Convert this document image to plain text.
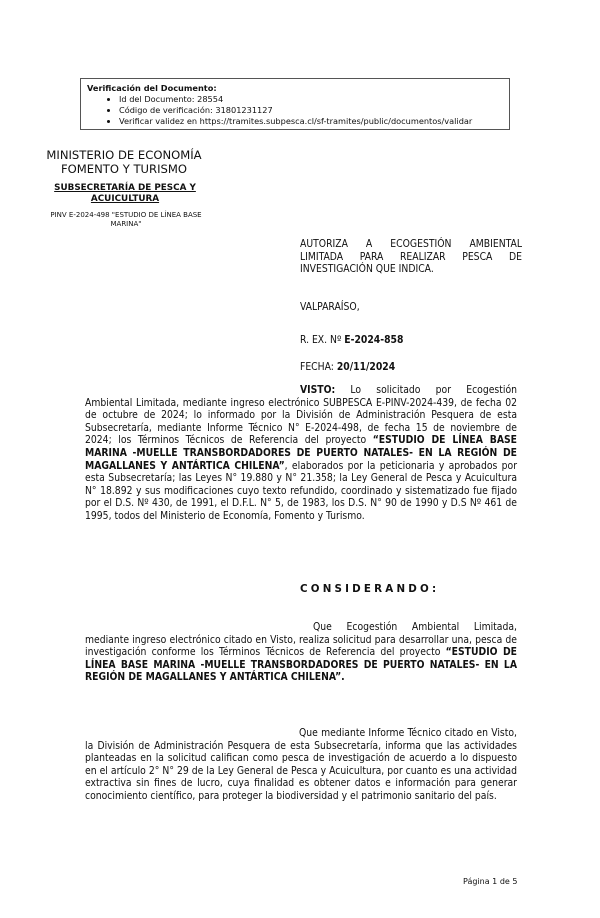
Verificación del Documento:
• Id del Documento: 28554
• Código de verificación: 31801231127
• Verificar validez en https://tramites.subpesca.cl/sf-tramites/public/documentos/validar
MINISTERIO DE ECONOMÍA
FOMENTO Y TURISMO
SUBSECRETARÍA DE PESCA Y
ACUICULTURA
PINV E-2024-498 "ESTUDIO DE LÍNEA BASE
MARINA"
AUTORIZA A ECOGESTIÓN AMBIENTAL LIMITADA PARA REALIZAR PESCA DE INVESTIGACIÓN QUE INDICA.
VALPARAÍSO,
R. EX. Nº E-2024-858
FECHA: 20/11/2024
VISTO: Lo solicitado por Ecogestión Ambiental Limitada, mediante ingreso electrónico SUBPESCA E-PINV-2024-439, de fecha 02 de octubre de 2024; lo informado por la División de Administración Pesquera de esta Subsecretaría, mediante Informe Técnico N° E-2024-498, de fecha 15 de noviembre de 2024; los Términos Técnicos de Referencia del proyecto “ESTUDIO DE LÍNEA BASE MARINA -MUELLE TRANSBORDADORES DE PUERTO NATALES- EN LA REGIÓN DE MAGALLANES Y ANTÁRTICA CHILENA”, elaborados por la peticionaria y aprobados por esta Subsecretaría; las Leyes N° 19.880 y N° 21.358; la Ley General de Pesca y Acuicultura N° 18.892 y sus modificaciones cuyo texto refundido, coordinado y sistematizado fue fijado por el D.S. Nº 430, de 1991, el D.F.L. N° 5, de 1983, los D.S. N° 90 de 1990 y D.S Nº 461 de 1995, todos del Ministerio de Economía, Fomento y Turismo.
CONSIDERANDO:
Que Ecogestión Ambiental Limitada, mediante ingreso electrónico citado en Visto, realiza solicitud para desarrollar una, pesca de investigación conforme los Términos Técnicos de Referencia del proyecto “ESTUDIO DE LÍNEA BASE MARINA -MUELLE TRANSBORDADORES DE PUERTO NATALES- EN LA REGIÓN DE MAGALLANES Y ANTÁRTICA CHILENA”.
Que mediante Informe Técnico citado en Visto, la División de Administración Pesquera de esta Subsecretaría, informa que las actividades planteadas en la solicitud califican como pesca de investigación de acuerdo a lo dispuesto en el artículo 2° N° 29 de la Ley General de Pesca y Acuicultura, por cuanto es una actividad extractiva sin fines de lucro, cuya finalidad es obtener datos e información para generar conocimiento científico, para proteger la biodiversidad y el patrimonio sanitario del país.
Página 1 de 5
